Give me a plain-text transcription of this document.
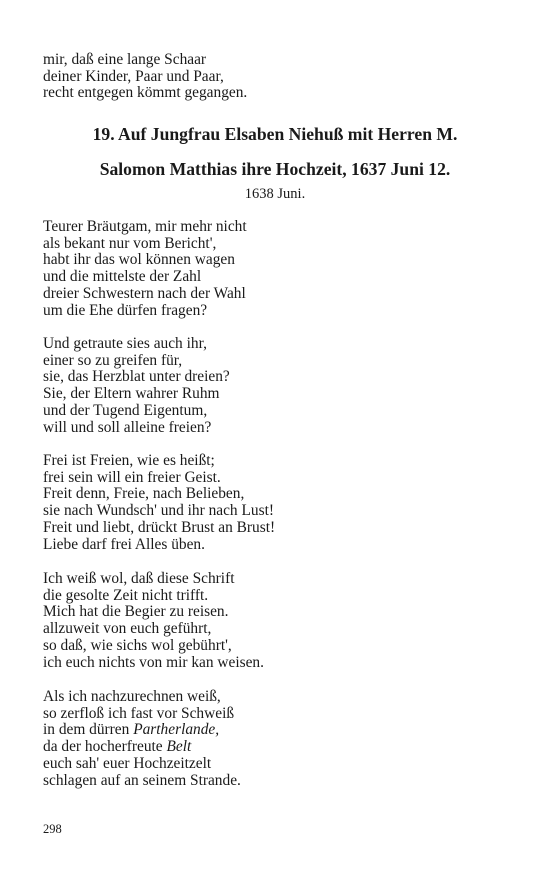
mir, daß eine lange Schaar
deiner Kinder, Paar und Paar,
recht entgegen kömmt gegangen.
19. Auf Jungfrau Elsaben Niehuß mit Herren M.
Salomon Matthias ihre Hochzeit, 1637 Juni 12.
1638 Juni.
Teurer Bräutgam, mir mehr nicht
als bekant nur vom Bericht',
habt ihr das wol können wagen
und die mittelste der Zahl
dreier Schwestern nach der Wahl
um die Ehe dürfen fragen?
Und getraute sies auch ihr,
einer so zu greifen für,
sie, das Herzblat unter dreien?
Sie, der Eltern wahrer Ruhm
und der Tugend Eigentum,
will und soll alleine freien?
Frei ist Freien, wie es heißt;
frei sein will ein freier Geist.
Freit denn, Freie, nach Belieben,
sie nach Wundsch' und ihr nach Lust!
Freit und liebt, drückt Brust an Brust!
Liebe darf frei Alles üben.
Ich weiß wol, daß diese Schrift
die gesolte Zeit nicht trifft.
Mich hat die Begier zu reisen.
allzuweit von euch geführt,
so daß, wie sichs wol gebührt',
ich euch nichts von mir kan weisen.
Als ich nachzurechnen weiß,
so zerfloß ich fast vor Schweiß
in dem dürren Partherlande,
da der hocherfreute Belt
euch sah' euer Hochzeitzelt
schlagen auf an seinem Strande.
298
